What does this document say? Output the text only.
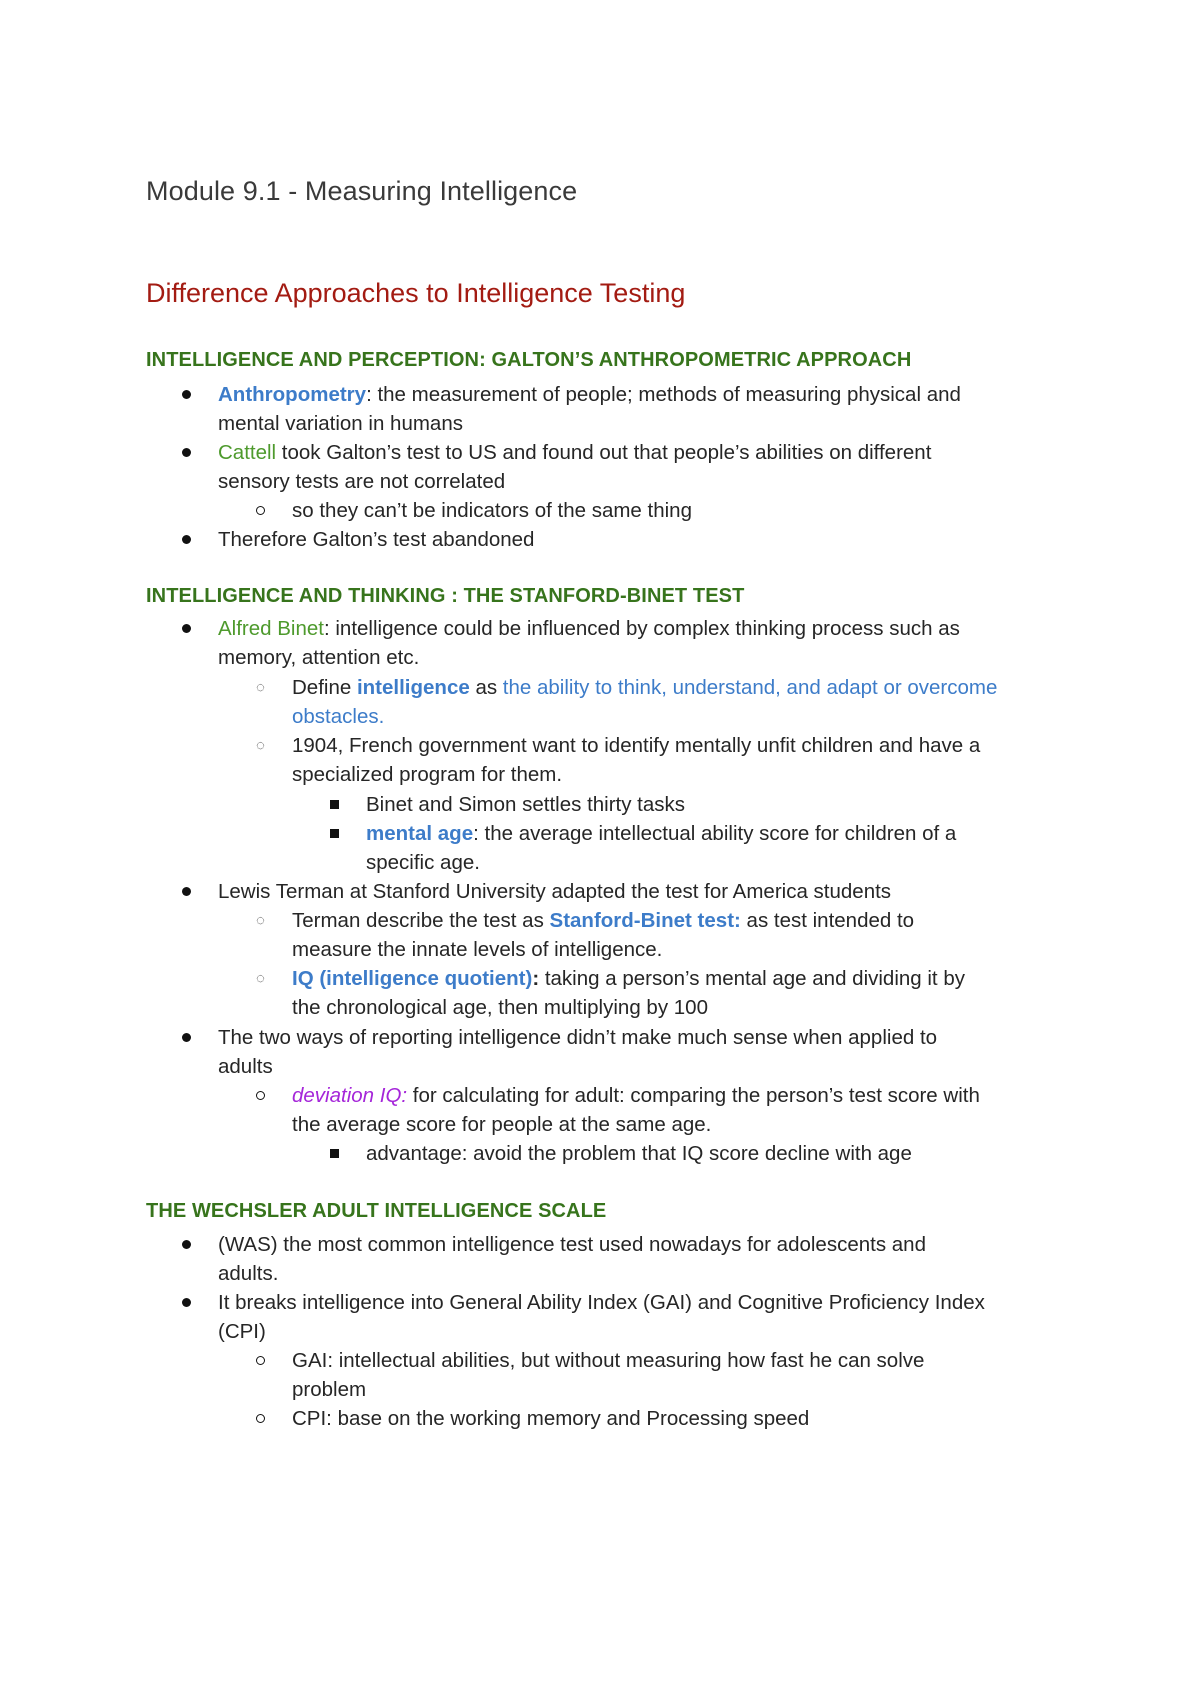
Module 9.1 - Measuring Intelligence
Difference Approaches to Intelligence Testing
INTELLIGENCE AND PERCEPTION: GALTON’S ANTHROPOMETRIC APPROACH
Anthropometry: the measurement of people; methods of measuring physical and
mental variation in humans
Cattell took Galton’s test to US and found out that people’s abilities on different
sensory tests are not correlated
so they can’t be indicators of the same thing
Therefore Galton’s test abandoned
INTELLIGENCE AND THINKING : THE STANFORD-BINET TEST
Alfred Binet: intelligence could be influenced by complex thinking process such as
memory, attention etc.
◌ Define intelligence as the ability to think, understand, and adapt or overcome
obstacles.
◌ 1904, French government want to identify mentally unfit children and have a
specialized program for them.
Binet and Simon settles thirty tasks
mental age: the average intellectual ability score for children of a
specific age.
Lewis Terman at Stanford University adapted the test for America students
◌ Terman describe the test as Stanford-Binet test: as test intended to
measure the innate levels of intelligence.
◌ IQ (intelligence quotient): taking a person’s mental age and dividing it by
the chronological age, then multiplying by 100
The two ways of reporting intelligence didn’t make much sense when applied to
adults
deviation IQ: for calculating for adult: comparing the person’s test score with
the average score for people at the same age.
advantage: avoid the problem that IQ score decline with age
THE WECHSLER ADULT INTELLIGENCE SCALE
(WAS) the most common intelligence test used nowadays for adolescents and
adults.
It breaks intelligence into General Ability Index (GAI) and Cognitive Proficiency Index
(CPI)
GAI: intellectual abilities, but without measuring how fast he can solve
problem
CPI: base on the working memory and Processing speed
